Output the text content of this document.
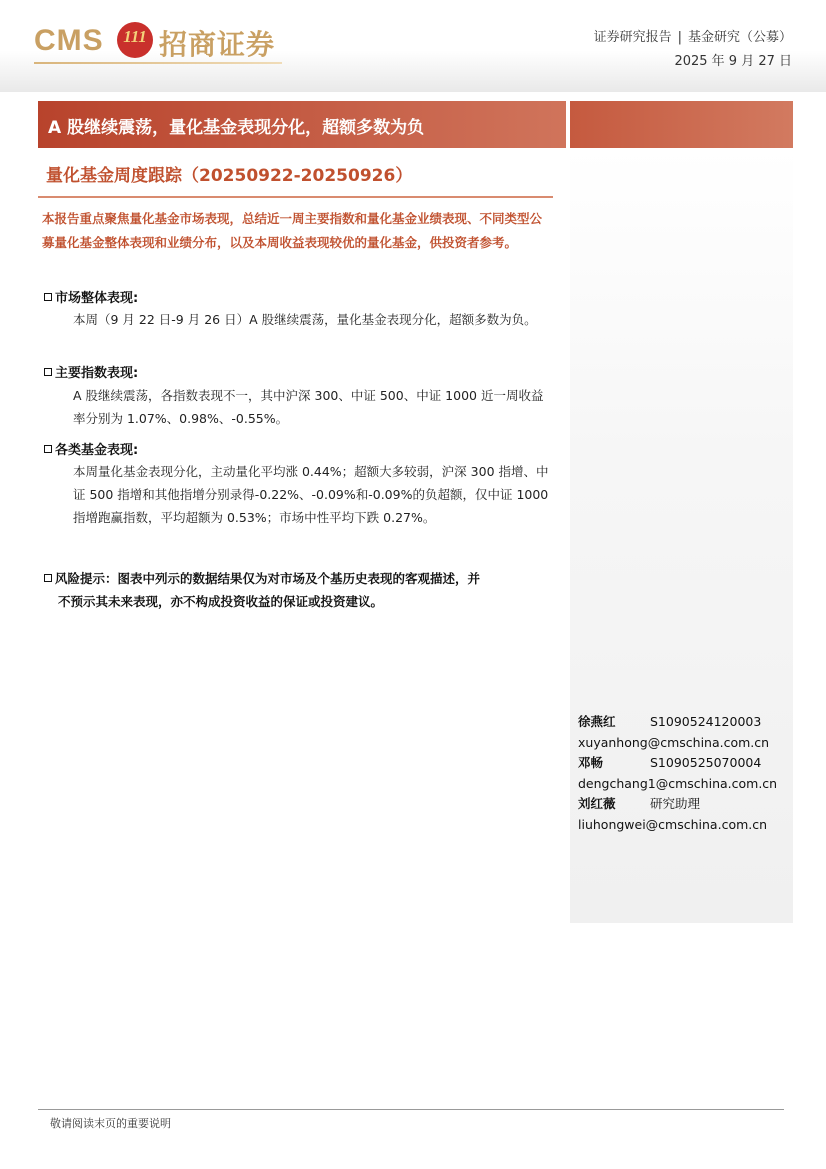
CMS	111 招商证券	证券研究报告 | 基金研究（公募）
2025 年 9 月 27 日
A 股继续震荡，量化基金表现分化，超额多数为负
量化基金周度跟踪（20250922-20250926）
本报告重点聚焦量化基金市场表现，总结近一周主要指数和量化基金业绩表现、不同类型公募量化基金整体表现和业绩分布，以及本周收益表现较优的量化基金，供投资者参考。
市场整体表现:
本周（9 月 22 日-9 月 26 日）A 股继续震荡，量化基金表现分化，超额多数为负。
主要指数表现:
A 股继续震荡，各指数表现不一，其中沪深 300、中证 500、中证 1000 近一周收益率分别为 1.07%、0.98%、-0.55%。
各类基金表现:
本周量化基金表现分化，主动量化平均涨 0.44%；超额大多较弱，沪深 300 指增、中证 500 指增和其他指增分别录得-0.22%、-0.09%和-0.09%的负超额，仅中证 1000 指增跑赢指数，平均超额为 0.53%；市场中性平均下跌 0.27%。
风险提示：图表中列示的数据结果仅为对市场及个基历史表现的客观描述，并
不预示其未来表现，亦不构成投资收益的保证或投资建议。
徐燕红	S1090524120003
xuyanhong@cmschina.com.cn
邓畅	S1090525070004
dengchang1@cmschina.com.cn
刘红薇	研究助理
liuhongwei@cmschina.com.cn
敬请阅读末页的重要说明
